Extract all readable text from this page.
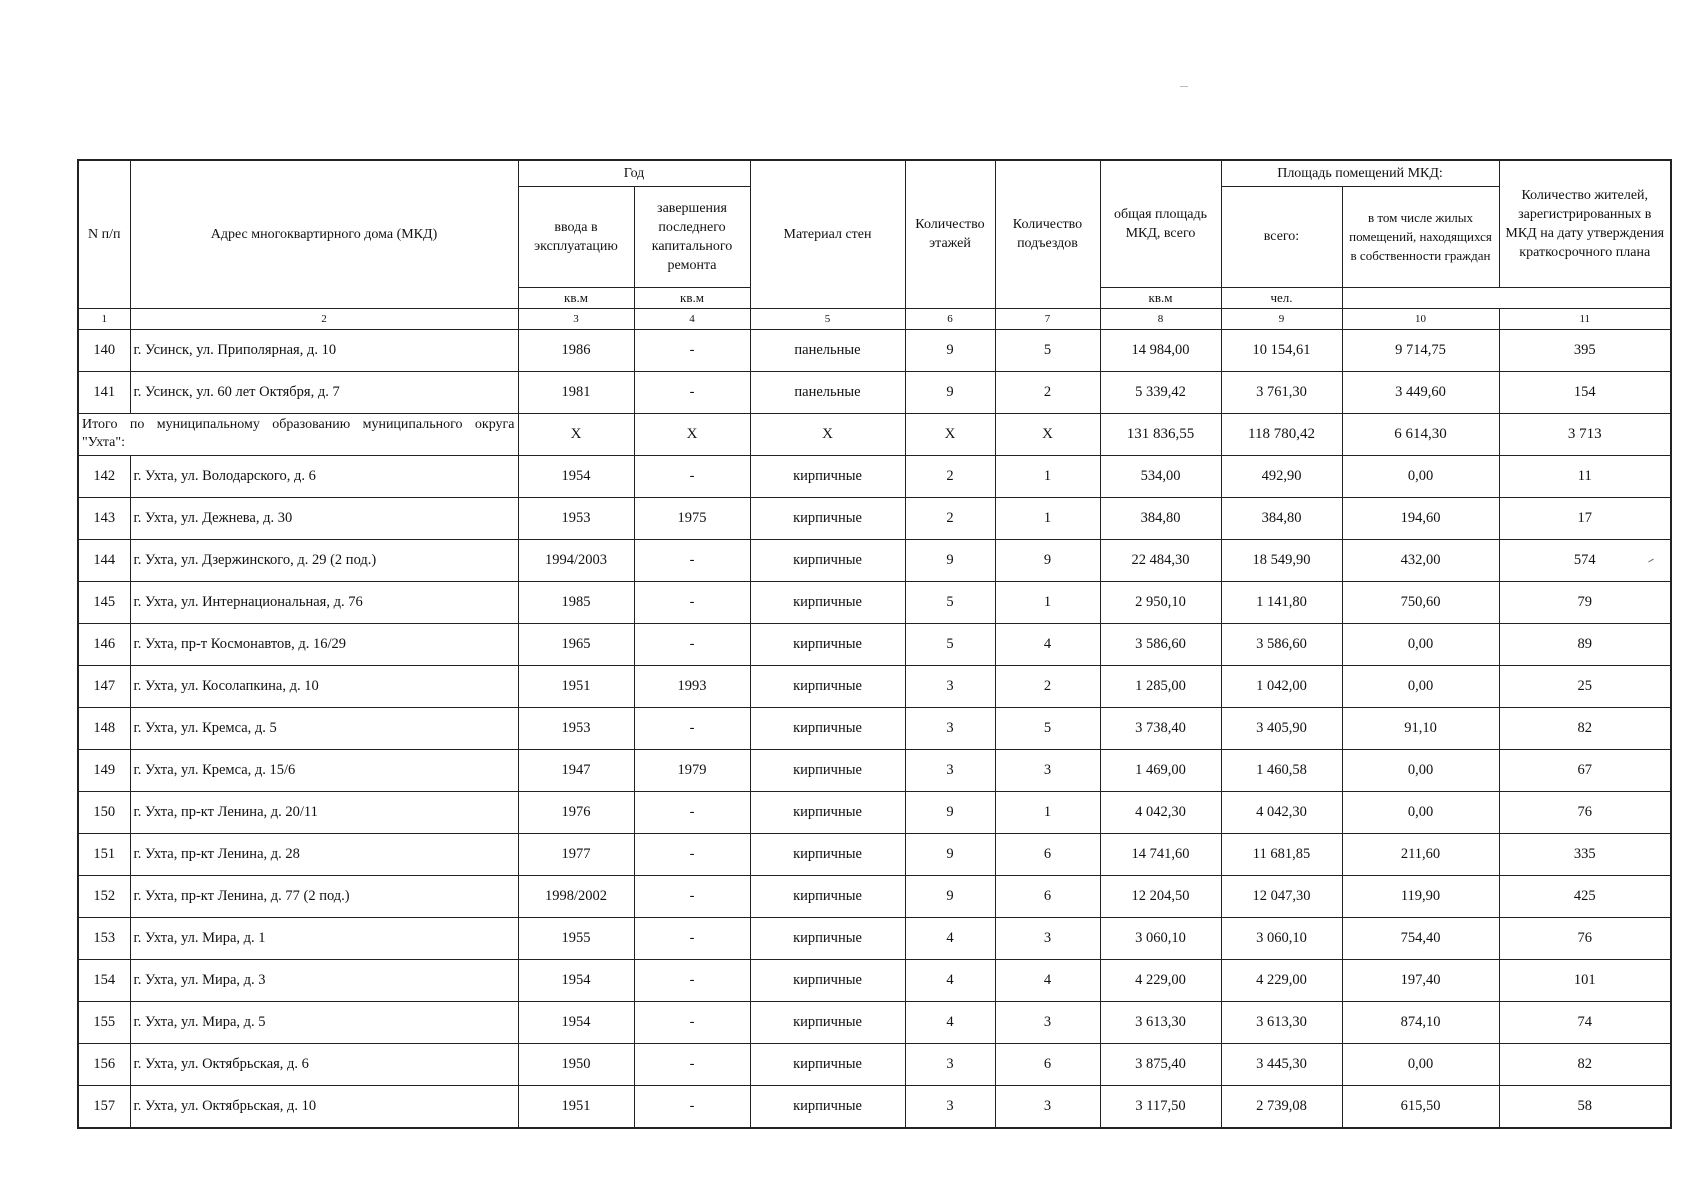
N п/п	Адрес многоквартирного дома (МКД)	Год		Материал стен	Количество этажей	Количество подъездов	общая площадь МКД, всего	Площадь помещений МКД:		Количество жителей, зарегистрированных в МКД на дату утверждения краткосрочного плана
		ввода в эксплуатацию	завершения последнего капитального ремонта					всего:	в том числе жилых помещений, находящихся в собственности граждан	
		кв.м	кв.м				кв.м	чел.		
1	2	3	4	5	6	7	8	9	10	11
140	г. Усинск, ул. Приполярная, д. 10	1986	-	панельные	9	5	14 984,00	10 154,61	9 714,75	395
141	г. Усинск, ул. 60 лет Октября, д. 7	1981	-	панельные	9	2	5 339,42	3 761,30	3 449,60	154
Итого по муниципальному образованию муниципального округа "Ухта":		X	X	X	X	X	131 836,55	118 780,42	6 614,30	3 713
142	г. Ухта, ул. Володарского, д. 6	1954	-	кирпичные	2	1	534,00	492,90	0,00	11
143	г. Ухта, ул. Дежнева, д. 30	1953	1975	кирпичные	2	1	384,80	384,80	194,60	17
144	г. Ухта, ул. Дзержинского, д. 29 (2 под.)	1994/2003	-	кирпичные	9	9	22 484,30	18 549,90	432,00	574
145	г. Ухта, ул. Интернациональная, д. 76	1985	-	кирпичные	5	1	2 950,10	1 141,80	750,60	79
146	г. Ухта, пр-т Космонавтов, д. 16/29	1965	-	кирпичные	5	4	3 586,60	3 586,60	0,00	89
147	г. Ухта, ул. Косолапкина, д. 10	1951	1993	кирпичные	3	2	1 285,00	1 042,00	0,00	25
148	г. Ухта, ул. Кремса, д. 5	1953	-	кирпичные	3	5	3 738,40	3 405,90	91,10	82
149	г. Ухта, ул. Кремса, д. 15/6	1947	1979	кирпичные	3	3	1 469,00	1 460,58	0,00	67
150	г. Ухта, пр-кт Ленина, д. 20/11	1976	-	кирпичные	9	1	4 042,30	4 042,30	0,00	76
151	г. Ухта, пр-кт Ленина, д. 28	1977	-	кирпичные	9	6	14 741,60	11 681,85	211,60	335
152	г. Ухта, пр-кт Ленина, д. 77 (2 под.)	1998/2002	-	кирпичные	9	6	12 204,50	12 047,30	119,90	425
153	г. Ухта, ул. Мира, д. 1	1955	-	кирпичные	4	3	3 060,10	3 060,10	754,40	76
154	г. Ухта, ул. Мира, д. 3	1954	-	кирпичные	4	4	4 229,00	4 229,00	197,40	101
155	г. Ухта, ул. Мира, д. 5	1954	-	кирпичные	4	3	3 613,30	3 613,30	874,10	74
156	г. Ухта, ул. Октябрьская, д. 6	1950	-	кирпичные	3	6	3 875,40	3 445,30	0,00	82
157	г. Ухта, ул. Октябрьская, д. 10	1951	-	кирпичные	3	3	3 117,50	2 739,08	615,50	58
